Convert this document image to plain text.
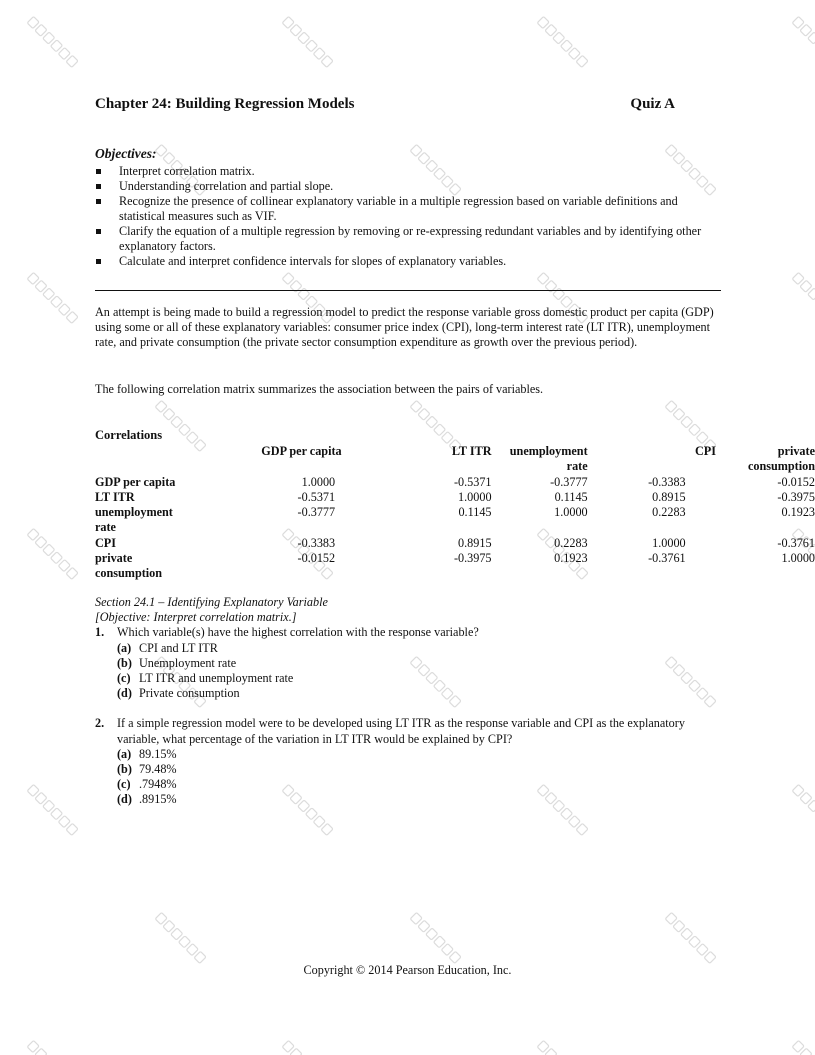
Chapter 24: Building Regression Models	Quiz A
Objectives:
Interpret correlation matrix.
Understanding correlation and partial slope.
Recognize the presence of collinear explanatory variable in a multiple regression based on variable definitions and statistical measures such as VIF.
Clarify the equation of a multiple regression by removing or re-expressing redundant variables and by identifying other explanatory factors.
Calculate and interpret confidence intervals for slopes of explanatory variables.

An attempt is being made to build a regression model to predict the response variable gross domestic product per capita (GDP) using some or all of these explanatory variables: consumer price index (CPI), long-term interest rate (LT ITR), unemployment rate, and private consumption (the private sector consumption expenditure as growth over the previous period).

The following correlation matrix summarizes the association between the pairs of variables.

Correlations
	GDP per capita	LT ITR	unemployment rate	CPI	private consumption
GDP per capita	1.0000	-0.5371	-0.3777	-0.3383	-0.0152
LT ITR	-0.5371	1.0000	0.1145	0.8915	-0.3975
unemployment rate	-0.3777	0.1145	1.0000	0.2283	0.1923
CPI	-0.3383	0.8915	0.2283	1.0000	-0.3761
private consumption	-0.0152	-0.3975	0.1923	-0.3761	1.0000
Section 24.1 – Identifying Explanatory Variable
[Objective: Interpret correlation matrix.]
1.	Which variable(s) have the highest correlation with the response variable?
(a) CPI and LT ITR
(b) Unemployment rate
(c) LT ITR and unemployment rate
(d) Private consumption
2.	If a simple regression model were to be developed using LT ITR as the response variable and CPI as the explanatory variable, what percentage of the variation in LT ITR would be explained by CPI?
(a) 89.15%
(b) 79.48%
(c) .7948%
(d) .8915%
Copyright © 2014 Pearson Education, Inc.
